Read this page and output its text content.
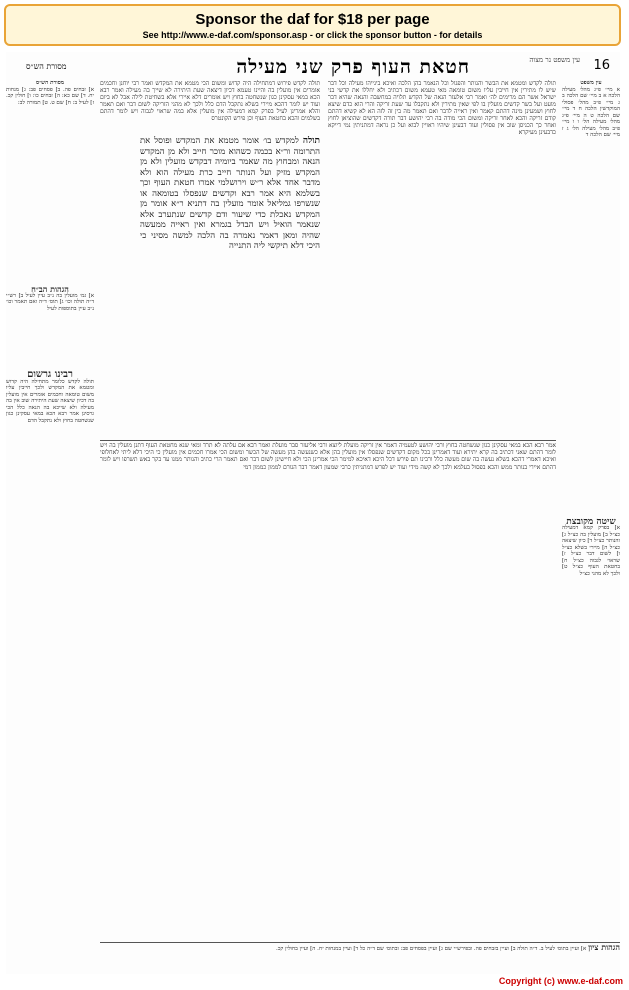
Sponsor the daf for $18 per page
See http://www.e-daf.com/sponsor.asp - or click the sponsor button - for details
16
חטאת העוף פרק שני מעילה
מסורת הש״ס
עין משפט נר מצוה

תולה לקדש ומטמא את הבשר והנותר והפגול וכל הנאמר בהן הלכה ואיכא בינייהו מעילה וכל דבר שיש לו מתירין אין חייבין עליו משום טומאה מאי טעמא משום דכתיב ולא יחללו את קדשי בני ישראל אשר הם מרימים לה׳ ואמר רבי אלעזר הנאה של הקדש תלויה במחשבה והנאה שהיא דבר מועט ועל בשר קדשים מועלין בו לפי שאין מתירין ולא נתקבלו עד שעת זריקה והרי הוא כדם שיצא לחוץ ושמעינן מינה דהתם קאמר ואין ראייה לדבר ואם תאמר מה בין זה לזה הא לא קשיא דהתם קודם זריקה והכא לאחר זריקה ומשום הכי מודה בה רבי יהושע דבר תורה דקדשים שהוציאן לחוץ ואחר כך הכניסן שוב אין פסולין ועוד דבעינן שיהיו ראויין לבוא ועל כן נראה דמתניתין נמי דייקא כדבעינן מעיקרא

תולה לקדש פירוש דמתחילה היה קדוש ומשום הכי מטמא את המקדש ואמר רבי יוחנן וחכמים אומרים אין מועלין בה והיינו טעמא דכיון דיצאה שעת היתירה לא שייך בה מעילה ואמר רבא הכא במאי עסקינן כגון שנשחטה בחוץ ויש אומרים דלא איירי אלא בשחיטת לילה אבל לא ביום ועוד יש לומר דהכא מיירי בשלא נתקבל הדם כלל ולכך לא מהני הזריקה לשום דבר ואם תאמר והלא אמרינן לעיל בפרק קמא דמעילה אין מועלין אלא במה שראוי לגבוה ויש לומר דהתם בשלמים והכא בחטאת העוף וכן פירש הקונטרס

תולה למקדש בו׳ אומר מטמא את המקדש ופוסל את התרומה ור״א בכמה כשהוא מוכר חייב ולא מן המקדש הנאה ומבחוץ מה שאמר ביומיה דבקדש מועלין ולא מן המקדש מזיק ועל הנותר חייב כרת מעילה הוא ולא מדבר אחד אלא ר״ש וירושלמי אמרו חטאת העוף וכך בשלמא היא אמר רבא וקדשים שנפסלו בטומאה או שנשרפו גמליאל אומר מועלין בה דתניא ר״א אומר מן המקדש נאכלת כדי שיעור ודם קדשים שנתערב אלא שנאמר הואיל ויש הבדל בגמרא ואין ראייה ממעשה שהיה ומאן דאמר נאמרה בה הלכה למשה מסיני כי היכי דלא תיקשי ליה התנייה

עין משפט

א מיי׳ פ״ג מהל׳ מעילה הלכה א ב מיי׳ שם הלכה ב ג מיי׳ פ״ב מהל׳ פסולי המוקדשין הלכה ח ד מיי׳ שם הלכה ט ה מיי׳ פ״ג מהל׳ מעילה הל׳ ו ו מיי׳ פ״ב מהל׳ מעילה הל׳ ג ז מיי׳ שם הלכה ד

שיטה מקובצת

א] בפרק קמא דמעילה כצ״ל ב] מועלין בה כצ״ל ג] והנותר כצ״ל ד] כיון שיצאה כצ״ל ה] מיירי בשלא כצ״ל ו] לשום דבר כצ״ל ז] שראוי לגבוה כצ״ל ח] בחטאת העוף כצ״ל ט] ולכך לא מהני כצ״ל

מסורת הש״ס

א] זבחים פה. ב] פסחים פב: ג] מנחות יח. ד] שם כא: ה] זבחים כו: ו] חולין קכ. ז] לעיל ב: ח] שם ט. ט] תמורה לב:

הגהות הב״ח

א] גמ׳ מועלין בה נ״ב עיין לעיל ב] רש״י ד״ה תולה וכו׳ ג] תוס׳ ד״ה ואם תאמר וכו׳ נ״ב עיין בתוספות לעיל

רבינו גרשום

תולה לקדש כלומר מתחילה היה קדוש ומטמא את המקדש ולכך חייבין עליו משום טומאה וחכמים אומרים אין מועלין בה דכיון שיצאה שעת היתירה שוב אין בה מעילה ולא שייכא בה הנאה כלל הכי גרסינן אמר רבא הכא במאי עסקינן כגון שנשחטה בחוץ ולא נתקבל הדם

אמר רבא הכא במאי עסקינן כגון שנשחטה בחוץ ורבי יהושע לטעמיה דאמר אין זריקה מועלת ליוצא ורבי אליעזר סבר מועלת ואמר רבא אם עלתה לא תרד ומאי שנא מחטאת העוף דתנן מועלין בה ויש לומר דהתם שאני דכתיב בה קרא יתירא ועוד דאמרינן בכל מקום דקדשים שנפסלו אין מועלין בהן אלא כשנעשה בהן מעשה של הכשר ומשום הכי אמרו חכמים אין מועלין כי היכי דלא ליתי לאחלופי ואיכא דאמרי דהכא בשלא נעשה בה שום מעשה כלל ורבינו תם פירש דכל היכא דאיכא למימר הכי אמרינן הכי ולא חיישינן לשום דבר ואם תאמר הרי כתיב והנותר ממנו עד בקר באש תשרפו ויש לומר דהתם איירי בנותר ממש והכא בפסול בעלמא ולכך לא קשה מידי ועוד יש לפרש דמתניתין כרבי שמעון דאמר דבר הגורם לממון כממון דמי

הגהות ציון א] ועיין בתוס׳ לעיל ב. ד״ה תולה ב] ועיין בזבחים פה. ובפירש״י שם ג] ועיין בפסחים פב: ובתוס׳ שם ד״ה כל ד] ועיין במנחות יח. ה] ועיין בחולין קכ.

Copyright (c) www.e-daf.com
